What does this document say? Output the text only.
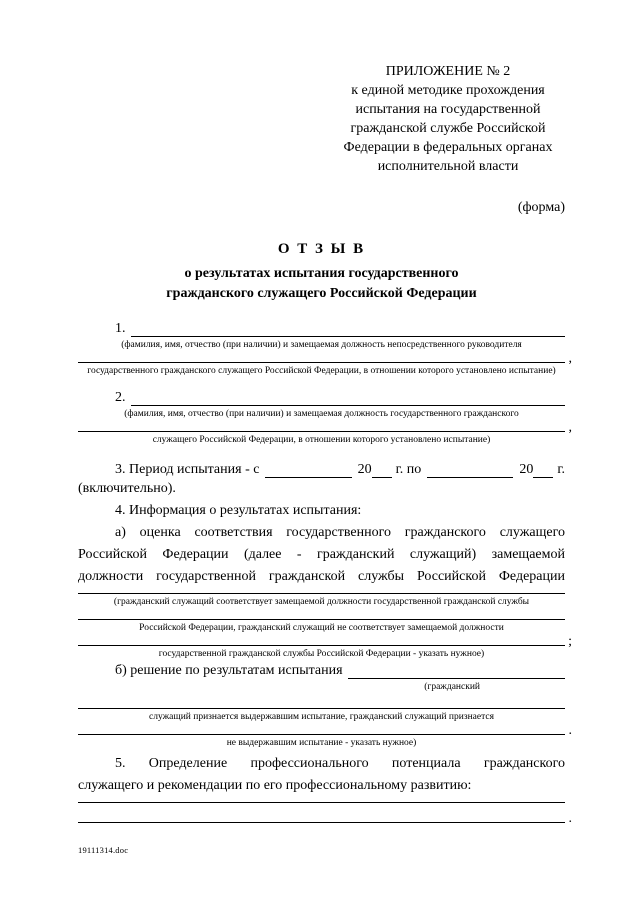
ПРИЛОЖЕНИЕ № 2
к единой методике прохождения
испытания на государственной
гражданской службе Российской
Федерации в федеральных органах
исполнительной власти
(форма)
О Т З Ы В
о результатах испытания государственного
гражданского служащего Российской Федерации
1.
(фамилия, имя, отчество (при наличии) и замещаемая должность непосредственного руководителя
,
государственного гражданского служащего Российской Федерации, в отношении которого установлено испытание)
2.
(фамилия, имя, отчество (при наличии) и замещаемая должность государственного гражданского
,
служащего Российской Федерации, в отношении которого установлено испытание)
3. Период испытания - с	20 г. по	20 г.
(включительно).
4. Информация о результатах испытания:
а) оценка соответствия государственного гражданского служащего
Российской Федерации (далее - гражданский служащий) замещаемой
должности государственной гражданской службы Российской Федерации
(гражданский служащий соответствует замещаемой должности государственной гражданской службы
Российской Федерации, гражданский служащий не соответствует замещаемой должности
;
государственной гражданской службы Российской Федерации - указать нужное)
б) решение по результатам испытания
(гражданский
служащий признается выдержавшим испытание, гражданский служащий признается
.
не выдержавшим испытание - указать нужное)
5. Определение профессионального потенциала гражданского
служащего и рекомендации по его профессиональному развитию:
.
19111314.doc
